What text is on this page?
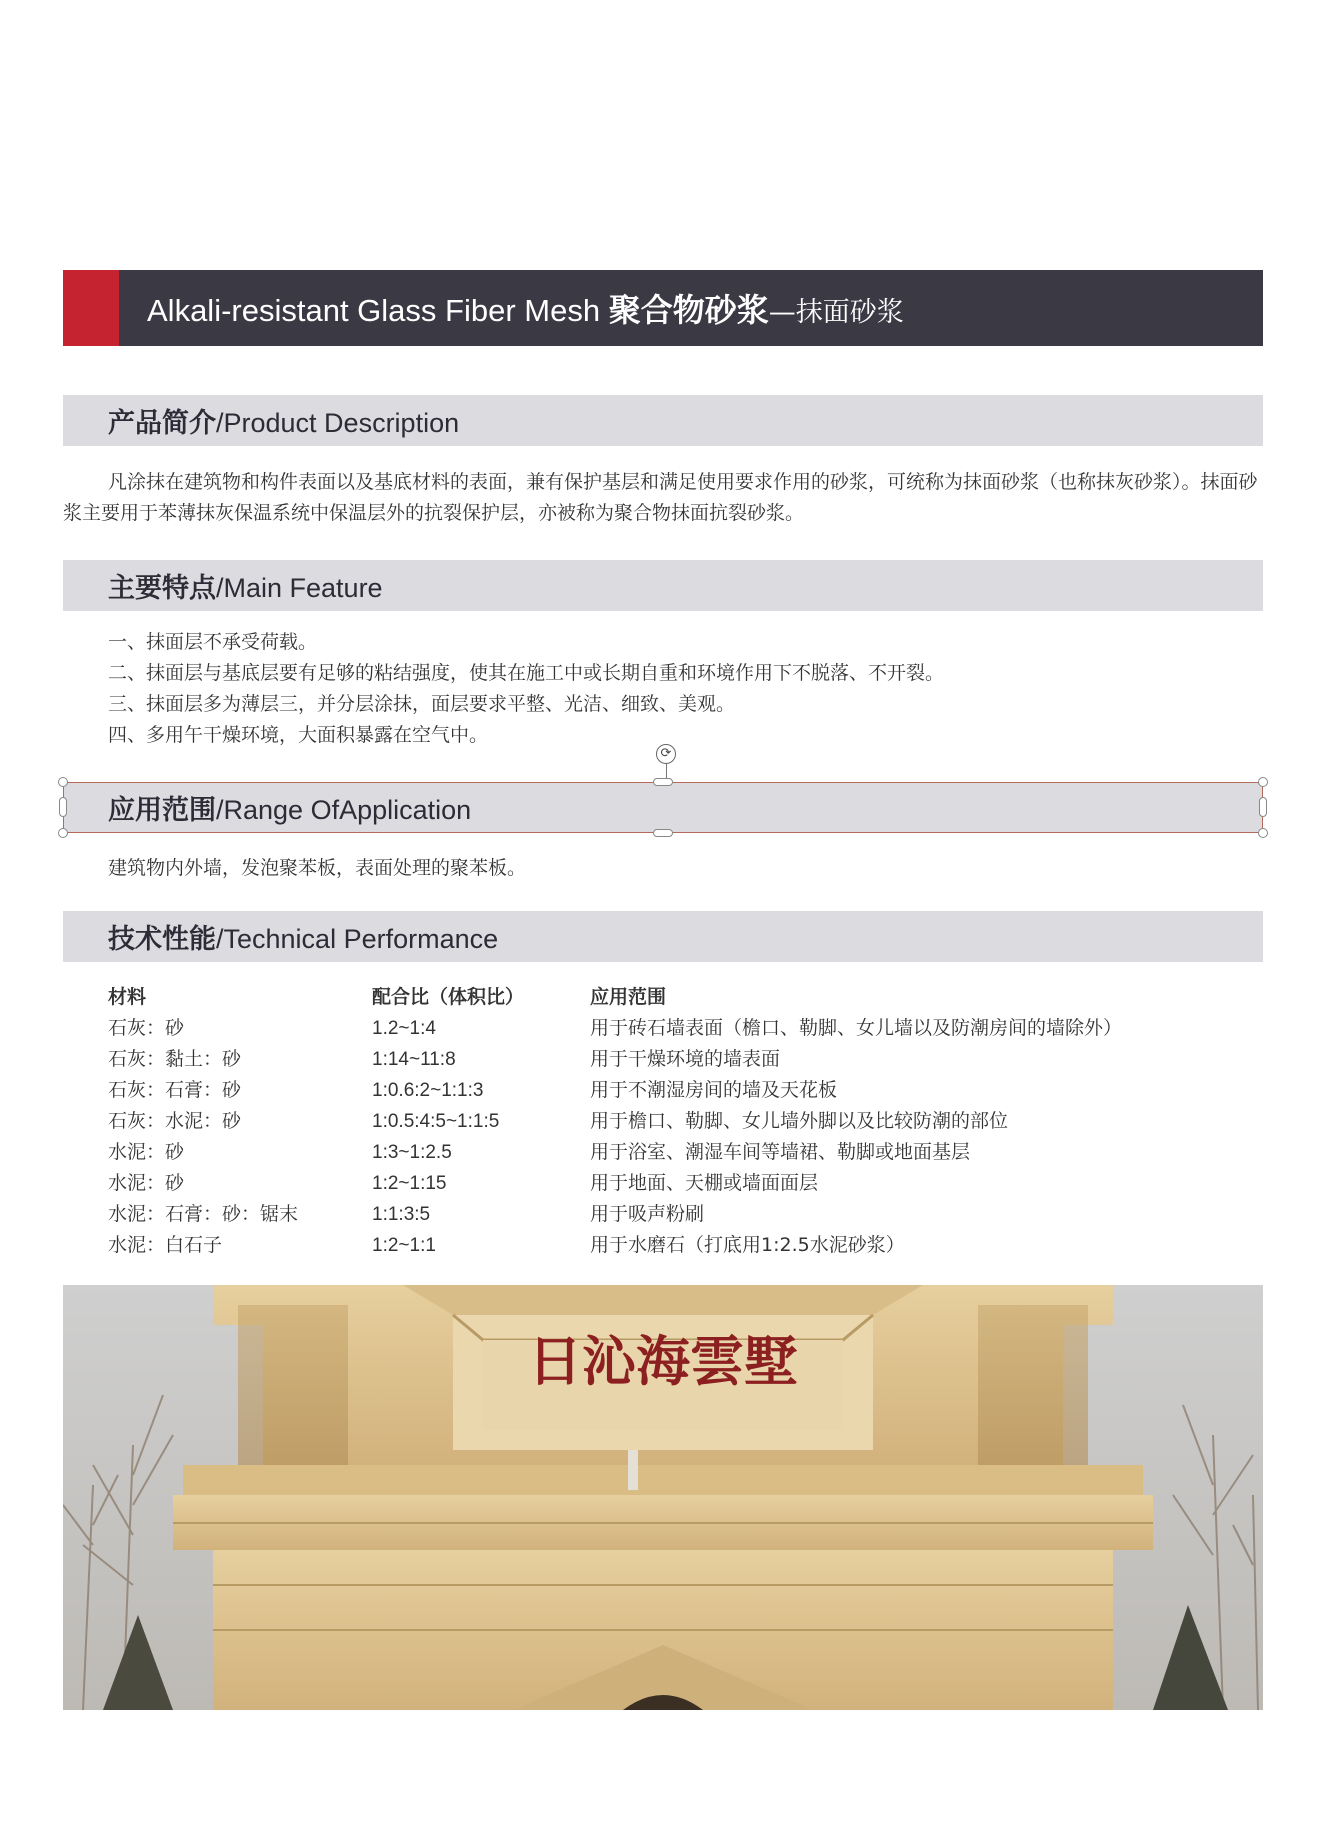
Alkali-resistant Glass Fiber Mesh 聚合物砂浆—抹面砂浆
产品简介/Product Description
凡涂抹在建筑物和构件表面以及基底材料的表面，兼有保护基层和满足使用要求作用的砂浆，可统称为抹面砂浆（也称抹灰砂浆）。抹面砂浆主要用于苯薄抹灰保温系统中保温层外的抗裂保护层，亦被称为聚合物抹面抗裂砂浆。
主要特点/Main Feature
一、抹面层不承受荷载。
二、抹面层与基底层要有足够的粘结强度，使其在施工中或长期自重和环境作用下不脱落、不开裂。
三、抹面层多为薄层三，并分层涂抹，面层要求平整、光洁、细致、美观。
四、多用午干燥环境，大面积暴露在空气中。
应用范围/Range OfApplication
⟳
建筑物内外墙，发泡聚苯板，表面处理的聚苯板。
技术性能/Technical Performance
材料	配合比（体积比）	应用范围
石灰：砂	1.2~1:4	用于砖石墙表面（檐口、勒脚、女儿墙以及防潮房间的墙除外）
石灰：黏土：砂	1:14~11:8	用于干燥环境的墙表面
石灰：石膏：砂	1:0.6:2~1:1:3	用于不潮湿房间的墙及天花板
石灰：水泥：砂	1:0.5:4:5~1:1:5	用于檐口、勒脚、女儿墙外脚以及比较防潮的部位
水泥：砂	1:3~1:2.5	用于浴室、潮湿车间等墙裙、勒脚或地面基层
水泥：砂	1:2~1:15	用于地面、天棚或墙面面层
水泥：石膏：砂：锯末	1:1:3:5	用于吸声粉刷
水泥：白石子	1:2~1:1	用于水磨石（打底用1:2.5水泥砂浆）
日沁海雲墅
